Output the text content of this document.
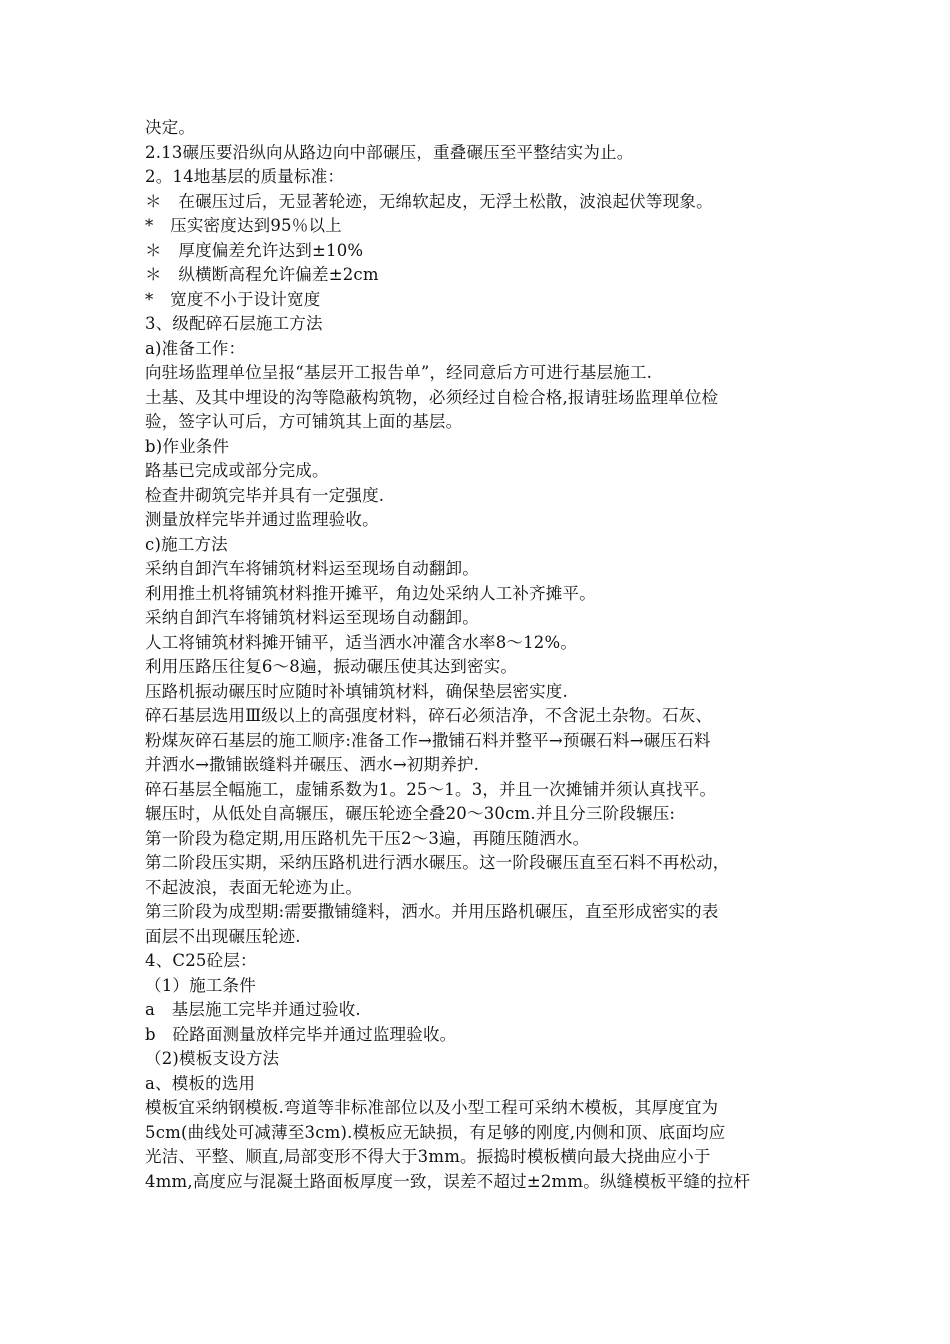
决定。
2.13碾压要沿纵向从路边向中部碾压，重叠碾压至平整结实为止。
2。14地基层的质量标准：
＊　在碾压过后，无显著轮迹，无绵软起皮，无浮土松散，波浪起伏等现象。
*　压实密度达到95％以上
＊　厚度偏差允许达到±10%
＊　纵横断高程允许偏差±2cm
*　宽度不小于设计宽度
3、级配碎石层施工方法
a)准备工作：
向驻场监理单位呈报“基层开工报告单”，经同意后方可进行基层施工.
土基、及其中埋设的沟等隐蔽构筑物，必须经过自检合格,报请驻场监理单位检
验，签字认可后，方可铺筑其上面的基层。
b)作业条件
路基已完成或部分完成。
检查井砌筑完毕并具有一定强度.
测量放样完毕并通过监理验收。
c)施工方法
采纳自卸汽车将铺筑材料运至现场自动翻卸。
利用推土机将铺筑材料推开摊平，角边处采纳人工补齐摊平。
采纳自卸汽车将铺筑材料运至现场自动翻卸。
人工将铺筑材料摊开铺平，适当洒水冲灌含水率8～12%。
利用压路压往复6～8遍，振动碾压使其达到密实。
压路机振动碾压时应随时补填铺筑材料，确保垫层密实度.
碎石基层选用Ⅲ级以上的高强度材料，碎石必须洁净，不含泥土杂物。石灰、
粉煤灰碎石基层的施工顺序:准备工作→撒铺石料并整平→预碾石料→碾压石料
并洒水→撒铺嵌缝料并碾压、洒水→初期养护.
碎石基层全幅施工，虚铺系数为1。25～1。3，并且一次摊铺并须认真找平。
辗压时，从低处自高辗压，碾压轮迹全叠20～30cm.并且分三阶段辗压:
第一阶段为稳定期,用压路机先干压2～3遍，再随压随洒水。
第二阶段压实期，采纳压路机进行洒水碾压。这一阶段碾压直至石料不再松动，
不起波浪，表面无轮迹为止。
第三阶段为成型期:需要撒铺缝料，洒水。并用压路机碾压，直至形成密实的表
面层不出现碾压轮迹.
4、C25砼层：
（1）施工条件
a　基层施工完毕并通过验收.
b　砼路面测量放样完毕并通过监理验收。
（2)模板支设方法
a、模板的选用
模板宜采纳钢模板.弯道等非标准部位以及小型工程可采纳木模板，其厚度宜为
5cm(曲线处可减薄至3cm).模板应无缺损，有足够的刚度,内侧和顶、底面均应
光洁、平整、顺直,局部变形不得大于3mm。振捣时模板横向最大挠曲应小于
4mm,高度应与混凝土路面板厚度一致，误差不超过±2mm。纵缝模板平缝的拉杆
